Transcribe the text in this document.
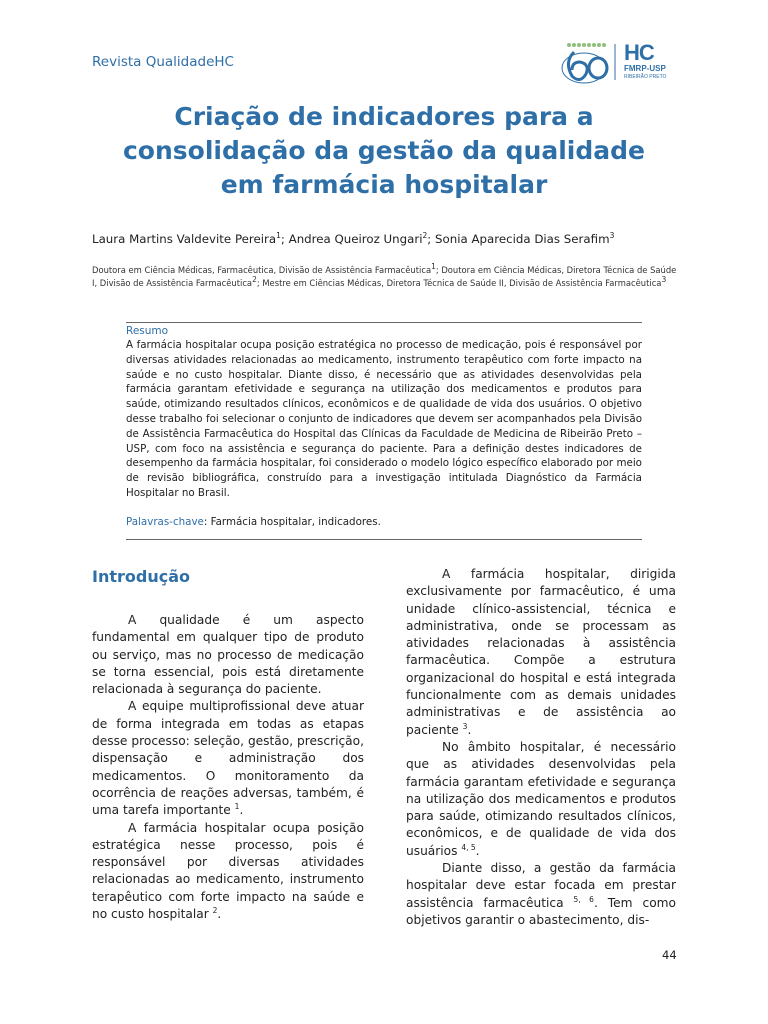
Revista QualidadeHC	HC
FMRP-USP
RIBEIRÃO PRETO
Criação de indicadores para a
consolidação da gestão da qualidade
em farmácia hospitalar
Laura Martins Valdevite Pereira$^1$; Andrea Queiroz Ungari$^2$; Sonia Aparecida Dias Serafim$^3$
Doutora em Ciência Médicas, Farmacêutica, Divisão de Assistência Farmacêutica$^1$; Doutora em Ciência Médicas, Diretora Técnica de Saúde I, Divisão de Assistência Farmacêutica$^2$; Mestre em Ciências Médicas, Diretora Técnica de Saúde II, Divisão de Assistência Farmacêutica$^3$
Resumo
A farmácia hospitalar ocupa posição estratégica no processo de medicação, pois é responsável por diversas atividades relacionadas ao medicamento, instrumento terapêutico com forte impacto na saúde e no custo hospitalar. Diante disso, é necessário que as atividades desenvolvidas pela farmácia garantam efetividade e segurança na utilização dos medicamentos e produtos para saúde, otimizando resultados clínicos, econômicos e de qualidade de vida dos usuários. O objetivo desse trabalho foi selecionar o conjunto de indicadores que devem ser acompanhados pela Divisão de Assistência Farmacêutica do Hospital das Clínicas da Faculdade de Medicina de Ribeirão Preto – USP, com foco na assistência e segurança do paciente. Para a definição destes indicadores de desempenho da farmácia hospitalar, foi considerado o modelo lógico específico elaborado por meio de revisão bibliográfica, construído para a investigação intitulada Diagnóstico da Farmácia Hospitalar no Brasil.
Palavras-chave: Farmácia hospitalar, indicadores.
Introdução

A qualidade é um aspecto fundamental em qualquer tipo de produto ou serviço, mas no processo de medicação se torna essencial, pois está diretamente relacionada à segurança do paciente.

A equipe multiprofissional deve atuar de forma integrada em todas as etapas desse processo: seleção, gestão, prescrição, dispensação e administração dos medicamentos. O monitoramento da ocorrência de reações adversas, também, é uma tarefa importante $^1$.

A farmácia hospitalar ocupa posição estratégica nesse processo, pois é responsável por diversas atividades relacionadas ao medicamento, instrumento terapêutico com forte impacto na saúde e no custo hospitalar $^2$.

A farmácia hospitalar, dirigida exclusivamente por farmacêutico, é uma unidade clínico-assistencial, técnica e administrativa, onde se processam as atividades relacionadas à assistência farmacêutica. Compõe a estrutura organizacional do hospital e está integrada funcionalmente com as demais unidades administrativas e de assistência ao paciente $^3$.

No âmbito hospitalar, é necessário que as atividades desenvolvidas pela farmácia garantam efetividade e segurança na utilização dos medicamentos e produtos para saúde, otimizando resultados clínicos, econômicos, e de qualidade de vida dos usuários $^{4, 5}$.

Diante disso, a gestão da farmácia hospitalar deve estar focada em prestar assistência farmacêutica $^{5, 6}$. Tem como objetivos garantir o abastecimento, dis-

44
